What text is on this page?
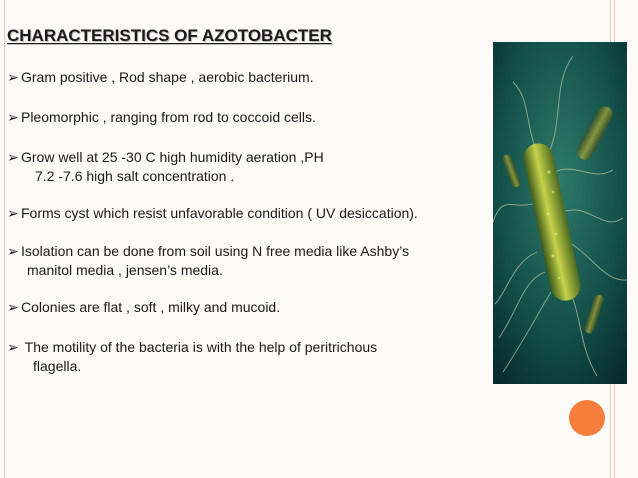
CHARACTERISTICS OF AZOTOBACTER
➢ Gram positive , Rod shape , aerobic bacterium.
➢ Pleomorphic , ranging from rod to coccoid cells.
➢ Grow well at 25 -30 C high humidity aeration ,PH
7.2 -7.6 high salt concentration .
➢ Forms cyst which resist unfavorable condition ( UV desiccation).
➢ Isolation can be done from soil using N free media like Ashby’s
manitol media , jensen’s media.
➢ Colonies are flat , soft , milky and mucoid.
➢ The motility of the bacteria is with the help of peritrichous
flagella.
